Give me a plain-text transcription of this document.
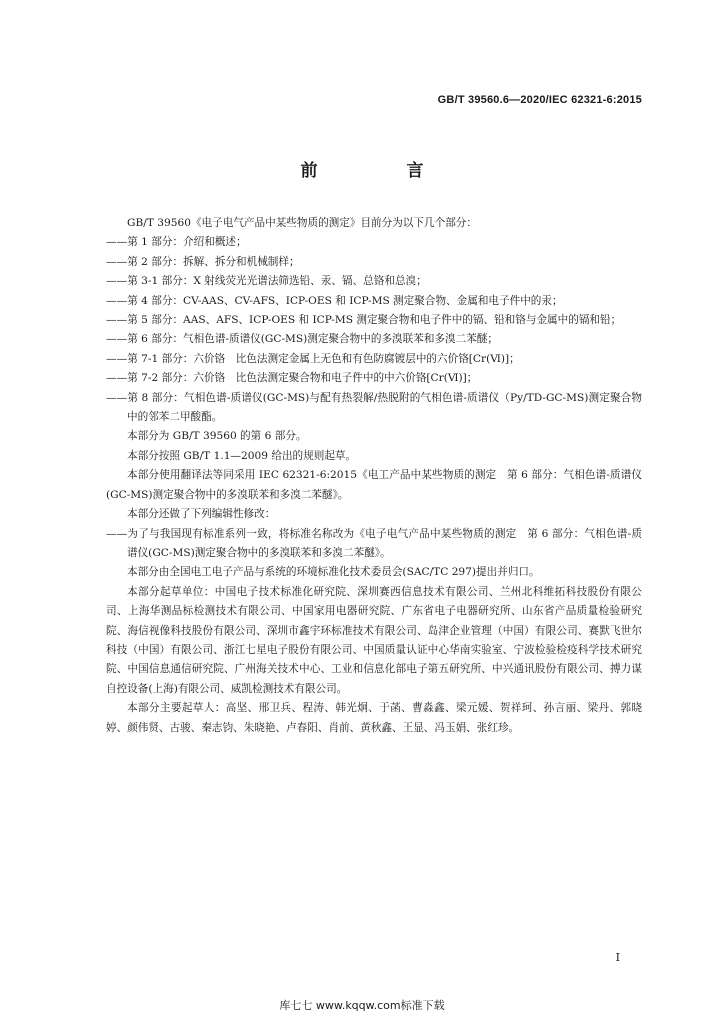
GB/T 39560.6—2020/IEC 62321-6:2015
前　言

GB/T 39560《电子电气产品中某些物质的测定》目前分为以下几个部分：

——第 1 部分：介绍和概述；

——第 2 部分：拆解、拆分和机械制样；

——第 3-1 部分：X 射线荧光光谱法筛选铅、汞、镉、总铬和总溴；

——第 4 部分：CV-AAS、CV-AFS、ICP-OES 和 ICP-MS 测定聚合物、金属和电子件中的汞；

——第 5 部分：AAS、AFS、ICP-OES 和 ICP-MS 测定聚合物和电子件中的镉、铅和铬与金属中的镉和铅；

——第 6 部分：气相色谱-质谱仪(GC-MS)测定聚合物中的多溴联苯和多溴二苯醚；

——第 7-1 部分：六价铬　比色法测定金属上无色和有色防腐镀层中的六价铬[Cr(Ⅵ)]；

——第 7-2 部分：六价铬　比色法测定聚合物和电子件中的中六价铬[Cr(Ⅵ)]；

——第 8 部分：气相色谱-质谱仪(GC-MS)与配有热裂解/热脱附的气相色谱-质谱仪（Py/TD-GC-MS)测定聚合物中的邻苯二甲酸酯。

本部分为 GB/T 39560 的第 6 部分。

本部分按照 GB/T 1.1—2009 给出的规则起草。

本部分使用翻译法等同采用 IEC 62321-6:2015《电工产品中某些物质的测定　第 6 部分：气相色谱-质谱仪(GC-MS)测定聚合物中的多溴联苯和多溴二苯醚》。

本部分还做了下列编辑性修改：

——为了与我国现有标准系列一致，将标准名称改为《电子电气产品中某些物质的测定　第 6 部分：气相色谱-质谱仪(GC-MS)测定聚合物中的多溴联苯和多溴二苯醚》。

本部分由全国电工电子产品与系统的环境标准化技术委员会(SAC/TC 297)提出并归口。

本部分起草单位：中国电子技术标准化研究院、深圳赛西信息技术有限公司、兰州北科维拓科技股份有限公司、上海华测品标检测技术有限公司、中国家用电器研究院、广东省电子电器研究所、山东省产品质量检验研究院、海信视像科技股份有限公司、深圳市鑫宇环标准技术有限公司、岛津企业管理（中国）有限公司、赛默飞世尔科技（中国）有限公司、浙江七星电子股份有限公司、中国质量认证中心华南实验室、宁波检验检疫科学技术研究院、中国信息通信研究院、广州海关技术中心、工业和信息化部电子第五研究所、中兴通讯股份有限公司、搏力谋自控设备(上海)有限公司、威凯检测技术有限公司。

本部分主要起草人：高坚、邢卫兵、程涛、韩光炯、于菡、曹淼鑫、梁元媛、贺祥珂、孙言丽、梁丹、郭晓婷、颜伟贤、古骏、秦志钧、朱晓艳、卢春阳、肖前、黄秋鑫、王显、冯玉娟、张红珍。

I
库七七 www.kqqw.com标准下载
